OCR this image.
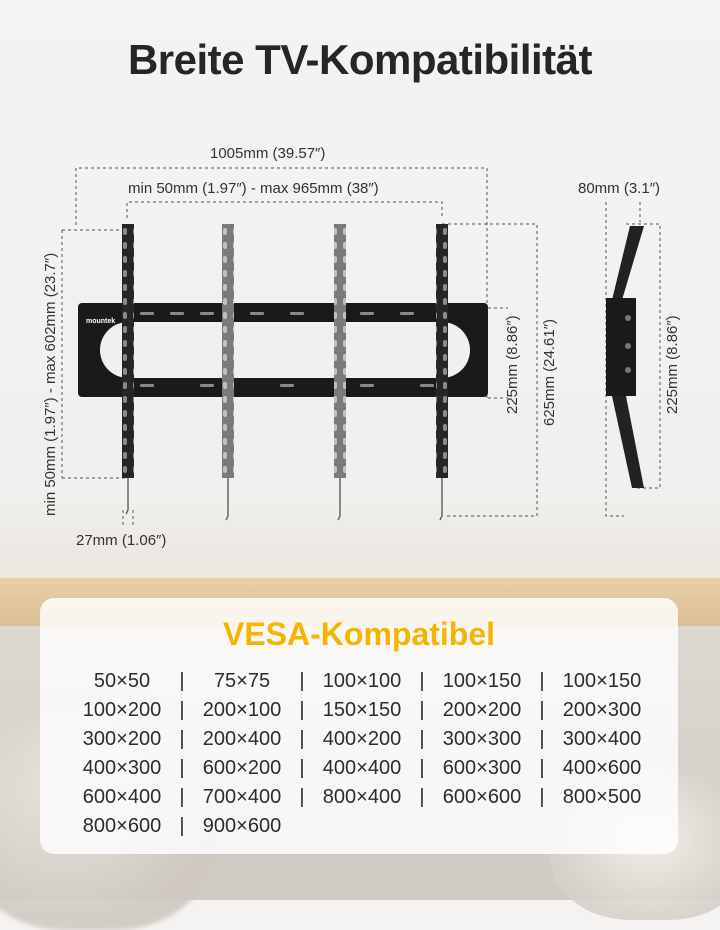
Breite TV-Kompatibilität
mountek
1005mm (39.57″)
min 50mm (1.97″) - max 965mm (38″)
min 50mm (1.97″) - max 602mm (23.7″)	225mm (8.86″) 625mm (24.61″)
27mm (1.06″)
80mm (3.1″)
225mm (8.86″)
VESA-Kompatibel
50×50	|	75×75	| 100×100 | 100×150 | 100×150
100×200 | 200×100 | 150×150 | 200×200 | 200×300
300×200 | 200×400 | 400×200 | 300×300 | 300×400
400×300 | 600×200 | 400×400 | 600×300 | 400×600
600×400 | 700×400 | 800×400 | 600×600 | 800×500
800×600 | 900×600
